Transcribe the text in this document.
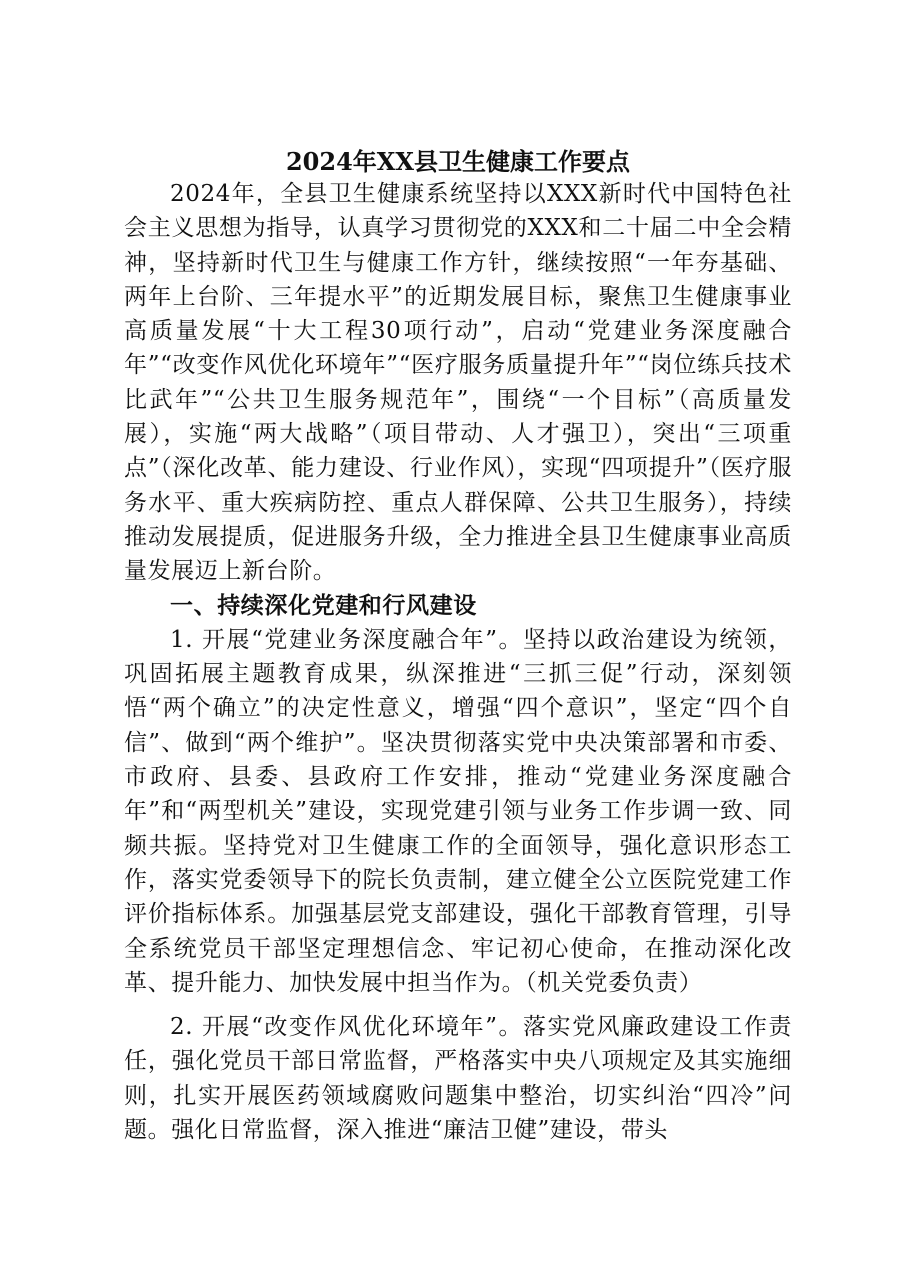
2024年XX县卫生健康工作要点

2024年，全县卫生健康系统坚持以XXX新时代中国特色社会主义思想为指导，认真学习贯彻党的XXX和二十届二中全会精神，坚持新时代卫生与健康工作方针，继续按照“一年夯基础、两年上台阶、三年提水平”的近期发展目标，聚焦卫生健康事业高质量发展“十大工程30项行动”，启动“党建业务深度融合年”“改变作风优化环境年”“医疗服务质量提升年”“岗位练兵技术比武年”“公共卫生服务规范年”，围绕“一个目标”（高质量发展），实施“两大战略”（项目带动、人才强卫），突出“三项重点”（深化改革、能力建设、行业作风），实现“四项提升”（医疗服务水平、重大疾病防控、重点人群保障、公共卫生服务），持续推动发展提质，促进服务升级，全力推进全县卫生健康事业高质量发展迈上新台阶。

一、持续深化党建和行风建设

1. 开展“党建业务深度融合年”。坚持以政治建设为统领，巩固拓展主题教育成果，纵深推进“三抓三促”行动，深刻领悟“两个确立”的决定性意义，增强“四个意识”，坚定“四个自信”、做到“两个维护”。坚决贯彻落实党中央决策部署和市委、市政府、县委、县政府工作安排，推动“党建业务深度融合年”和“两型机关”建设，实现党建引领与业务工作步调一致、同频共振。坚持党对卫生健康工作的全面领导，强化意识形态工作，落实党委领导下的院长负责制，建立健全公立医院党建工作评价指标体系。加强基层党支部建设，强化干部教育管理，引导全系统党员干部坚定理想信念、牢记初心使命，在推动深化改革、提升能力、加快发展中担当作为。（机关党委负责）

2. 开展“改变作风优化环境年”。落实党风廉政建设工作责任，强化党员干部日常监督，严格落实中央八项规定及其实施细则，扎实开展医药领域腐败问题集中整治，切实纠治“四冷”问题。强化日常监督，深入推进“廉洁卫健”建设，带头
